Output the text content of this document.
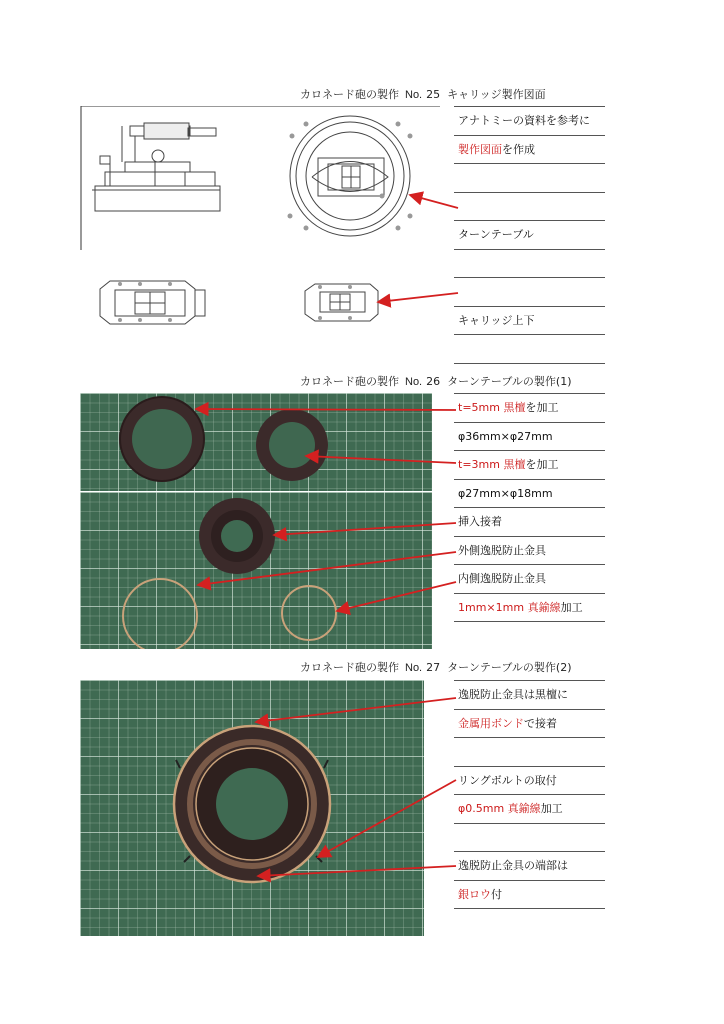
カロネード砲の製作 No. 25 キャリッジ製作図面
アナトミーの資料を参考に
製作図面を作成
ターンテーブル
キャリッジ上下
カロネード砲の製作 No. 26 ターンテーブルの製作(1)
t=5mm 黒檀を加工
φ36mm×φ27mm
t=3mm 黒檀を加工
φ27mm×φ18mm
挿入接着
外側逸脱防止金具
内側逸脱防止金具
1mm×1mm 真鍮線加工
カロネード砲の製作 No. 27 ターンテーブルの製作(2)
逸脱防止金具は黒檀に
金属用ボンドで接着
リングボルトの取付
φ0.5mm 真鍮線加工
逸脱防止金具の端部は
銀ロウ付
